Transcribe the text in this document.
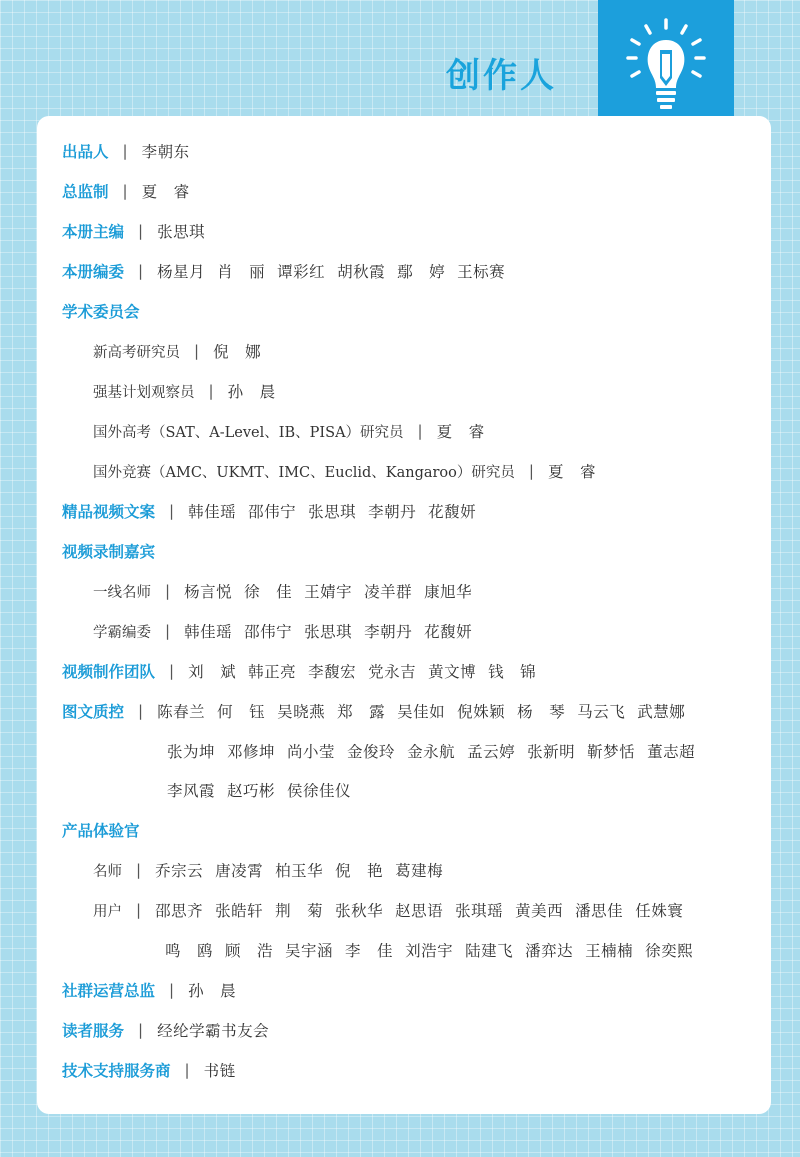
创作人
出品人 | 李朝东
总监制 | 夏　睿
本册主编 | 张思琪
本册编委 | 杨星月 肖　丽 谭彩红 胡秋霞 鄢　婷 王标赛
学术委员会
新高考研究员 | 倪　娜
强基计划观察员 | 孙　晨
国外高考（SAT、A-Level、IB、PISA）研究员 | 夏　睿
国外竞赛（AMC、UKMT、IMC、Euclid、Kangaroo）研究员 | 夏　睿
精品视频文案 | 韩佳瑶 邵伟宁 张思琪 李朝丹 花馥妍
视频录制嘉宾
一线名师 | 杨言悦 徐　佳 王婧宇 凌羊群 康旭华
学霸编委 | 韩佳瑶 邵伟宁 张思琪 李朝丹 花馥妍
视频制作团队 | 刘　斌 韩正亮 李馥宏 党永吉 黄文博 钱　锦
图文质控 | 陈春兰 何　钰 吴晓燕 郑　露 吴佳如 倪姝颖 杨　琴 马云飞 武慧娜
张为坤 邓修坤 尚小莹 金俊玲 金永航 孟云婷 张新明 靳梦恬 董志超
李风霞 赵巧彬 侯徐佳仪
产品体验官
名师 | 乔宗云 唐凌霄 柏玉华 倪　艳 葛建梅
用户 | 邵思齐 张皓轩 荆　菊 张秋华 赵思语 张琪瑶 黄美西 潘思佳 任姝寰
鸣　鸥 顾　浩 吴宇涵 李　佳 刘浩宇 陆建飞 潘弈达 王楠楠 徐奕熙
社群运营总监 | 孙　晨
读者服务 | 经纶学霸书友会
技术支持服务商 | 书链
